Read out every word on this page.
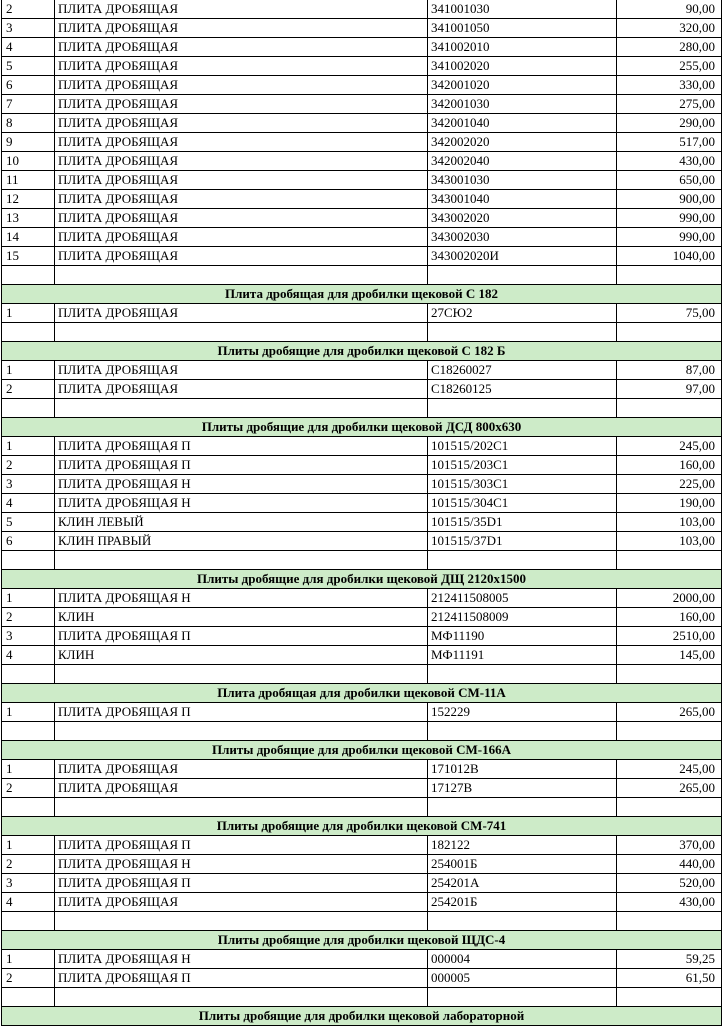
2	ПЛИТА ДРОБЯЩАЯ	341001030	90,00
3	ПЛИТА ДРОБЯЩАЯ	341001050	320,00
4	ПЛИТА ДРОБЯЩАЯ	341002010	280,00
5	ПЛИТА ДРОБЯЩАЯ	341002020	255,00
6	ПЛИТА ДРОБЯЩАЯ	342001020	330,00
7	ПЛИТА ДРОБЯЩАЯ	342001030	275,00
8	ПЛИТА ДРОБЯЩАЯ	342001040	290,00
9	ПЛИТА ДРОБЯЩАЯ	342002020	517,00
10	ПЛИТА ДРОБЯЩАЯ	342002040	430,00
11	ПЛИТА ДРОБЯЩАЯ	343001030	650,00
12	ПЛИТА ДРОБЯЩАЯ	343001040	900,00
13	ПЛИТА ДРОБЯЩАЯ	343002020	990,00
14	ПЛИТА ДРОБЯЩАЯ	343002030	990,00
15	ПЛИТА ДРОБЯЩАЯ	343002020И	1040,00

Плита дробящая для дробилки щековой С 182			
1	ПЛИТА ДРОБЯЩАЯ	27СЮ2	75,00

Плиты дробящие для дробилки щековой С 182 Б			
1	ПЛИТА ДРОБЯЩАЯ	С18260027	87,00
2	ПЛИТА ДРОБЯЩАЯ	С18260125	97,00

Плиты дробящие для дробилки щековой ДСД 800х630			
1	ПЛИТА ДРОБЯЩАЯ П	101515/202С1	245,00
2	ПЛИТА ДРОБЯЩАЯ П	101515/203С1	160,00
3	ПЛИТА ДРОБЯЩАЯ Н	101515/303С1	225,00
4	ПЛИТА ДРОБЯЩАЯ Н	101515/304С1	190,00
5	КЛИН ЛЕВЫЙ	101515/35D1	103,00
6	КЛИН ПРАВЫЙ	101515/37D1	103,00

Плиты дробящие для дробилки щековой ДЩ 2120х1500			
1	ПЛИТА ДРОБЯЩАЯ Н	212411508005	2000,00
2	КЛИН	212411508009	160,00
3	ПЛИТА ДРОБЯЩАЯ П	МФ11190	2510,00
4	КЛИН	МФ11191	145,00

Плита дробящая для дробилки щековой СМ-11А			
1	ПЛИТА ДРОБЯЩАЯ П	152229	265,00

Плиты дробящие для дробилки щековой СМ-166А			
1	ПЛИТА ДРОБЯЩАЯ	171012В	245,00
2	ПЛИТА ДРОБЯЩАЯ	17127В	265,00

Плиты дробящие для дробилки щековой СМ-741			
1	ПЛИТА ДРОБЯЩАЯ П	182122	370,00
2	ПЛИТА ДРОБЯЩАЯ Н	254001Б	440,00
3	ПЛИТА ДРОБЯЩАЯ П	254201А	520,00
4	ПЛИТА ДРОБЯЩАЯ	254201Б	430,00

Плиты дробящие для дробилки щековой ЩДС-4			
1	ПЛИТА ДРОБЯЩАЯ Н	000004	59,25
2	ПЛИТА ДРОБЯЩАЯ П	000005	61,50

Плиты дробящие для дробилки щековой лабораторной			
